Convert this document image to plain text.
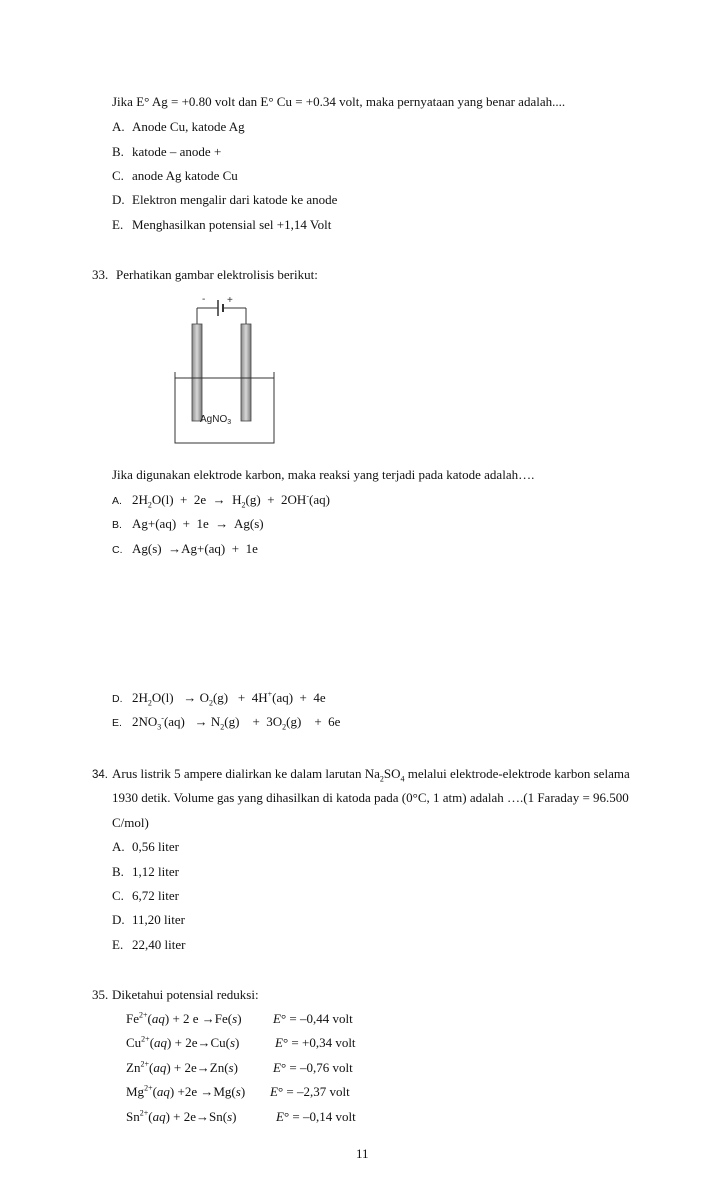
Jika E° Ag = +0.80 volt dan E° Cu = +0.34 volt, maka pernyataan yang benar adalah....
A. Anode Cu, katode Ag
B. katode – anode +
C. anode Ag katode Cu
D. Elektron mengalir dari katode ke anode
E. Menghasilkan potensial sel +1,14 Volt
33. Perhatikan gambar elektrolisis berikut:
- +
AgNO$_3$
Jika digunakan elektrode karbon, maka reaksi yang terjadi pada katode adalah….
A. $2H_2O(l) + 2e \to H_2(g) + 2OH^-(aq)$
B. Ag+(aq)  +  1e  →  Ag(s)
C. Ag(s)  →Ag+(aq)  +  1e
D. $2H_2O(l) \to O_2(g) + 4H^+(aq) + 4e$
E. $2NO_3^-(aq) \to N_2(g)$    +  $3O_2(g)$    +  6e
34. Arus listrik 5 ampere dialirkan ke dalam larutan $Na_2SO_4$ melalui elektrode-elektrode karbon selama
1930 detik. Volume gas yang dihasilkan di katoda pada (0°C, 1 atm) adalah ….(1 Faraday = 96.500
C/mol)
A. 0,56 liter
B. 1,12 liter
C. 6,72 liter
D. 11,20 liter
E. 22,40 liter
35. Diketahui potensial reduksi:
$Fe^{2+}(aq) + 2$ e →Fe(s) E° = –0,44 volt
$Cu^{2+}(aq) + 2e\to Cu(s)$	E° = +0,34 volt
$Zn^{2+}(aq) + 2e\to Zn(s)$	E° = –0,76 volt
$Mg^{2+}(aq) +2e \to Mg(s) E^\circ = -2,37$ volt
$Sn^{2+}(aq) + 2e\to Sn(s)$	E° = –0,14 volt
11
